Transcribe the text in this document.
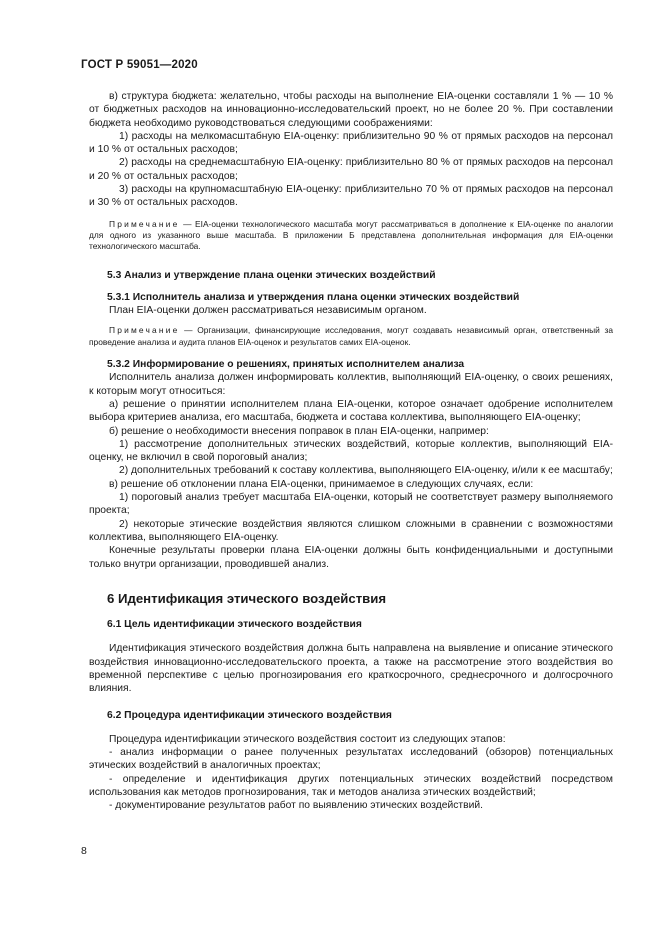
ГОСТ Р 59051—2020

в) структура бюджета: желательно, чтобы расходы на выполнение EIA-оценки составляли 1 % — 10 % от бюджетных расходов на инновационно-исследовательский проект, но не более 20 %. При составлении бюджета необходимо руководствоваться следующими соображениями:

1) расходы на мелкомасштабную EIA-оценку: приблизительно 90 % от прямых расходов на персонал и 10 % от остальных расходов;

2) расходы на среднемасштабную EIA-оценку: приблизительно 80 % от прямых расходов на персонал и 20 % от остальных расходов;

3) расходы на крупномасштабную EIA-оценку: приблизительно 70 % от прямых расходов на персонал и 30 % от остальных расходов.

Примечание — EIA-оценки технологического масштаба могут рассматриваться в дополнение к EIA-оценке по аналогии для одного из указанного выше масштаба. В приложении Б представлена дополнительная информация для EIA-оценки технологического масштаба.

5.3 Анализ и утверждение плана оценки этических воздействий

5.3.1 Исполнитель анализа и утверждения плана оценки этических воздействий

План EIA-оценки должен рассматриваться независимым органом.

Примечание — Организации, финансирующие исследования, могут создавать независимый орган, ответственный за проведение анализа и аудита планов EIA-оценок и результатов самих EIA-оценок.

5.3.2 Информирование о решениях, принятых исполнителем анализа

Исполнитель анализа должен информировать коллектив, выполняющий EIA-оценку, о своих решениях, к которым могут относиться:

а) решение о принятии исполнителем плана EIA-оценки, которое означает одобрение исполнителем выбора критериев анализа, его масштаба, бюджета и состава коллектива, выполняющего EIA-оценку;

б) решение о необходимости внесения поправок в план EIA-оценки, например:

1) рассмотрение дополнительных этических воздействий, которые коллектив, выполняющий EIA-оценку, не включил в свой пороговый анализ;

2) дополнительных требований к составу коллектива, выполняющего EIA-оценку, и/или к ее масштабу;

в) решение об отклонении плана EIA-оценки, принимаемое в следующих случаях, если:

1) пороговый анализ требует масштаба EIA-оценки, который не соответствует размеру выполняемого проекта;

2) некоторые этические воздействия являются слишком сложными в сравнении с возможностями коллектива, выполняющего EIA-оценку.

Конечные результаты проверки плана EIA-оценки должны быть конфиденциальными и доступными только внутри организации, проводившей анализ.

6 Идентификация этического воздействия

6.1 Цель идентификации этического воздействия

Идентификация этического воздействия должна быть направлена на выявление и описание этического воздействия инновационно-исследовательского проекта, а также на рассмотрение этого воздействия во временной перспективе с целью прогнозирования его краткосрочного, среднесрочного и долгосрочного влияния.

6.2 Процедура идентификации этического воздействия

Процедура идентификации этического воздействия состоит из следующих этапов:

- анализ информации о ранее полученных результатах исследований (обзоров) потенциальных этических воздействий в аналогичных проектах;

- определение и идентификация других потенциальных этических воздействий посредством использования как методов прогнозирования, так и методов анализа этических воздействий;

- документирование результатов работ по выявлению этических воздействий.

8
